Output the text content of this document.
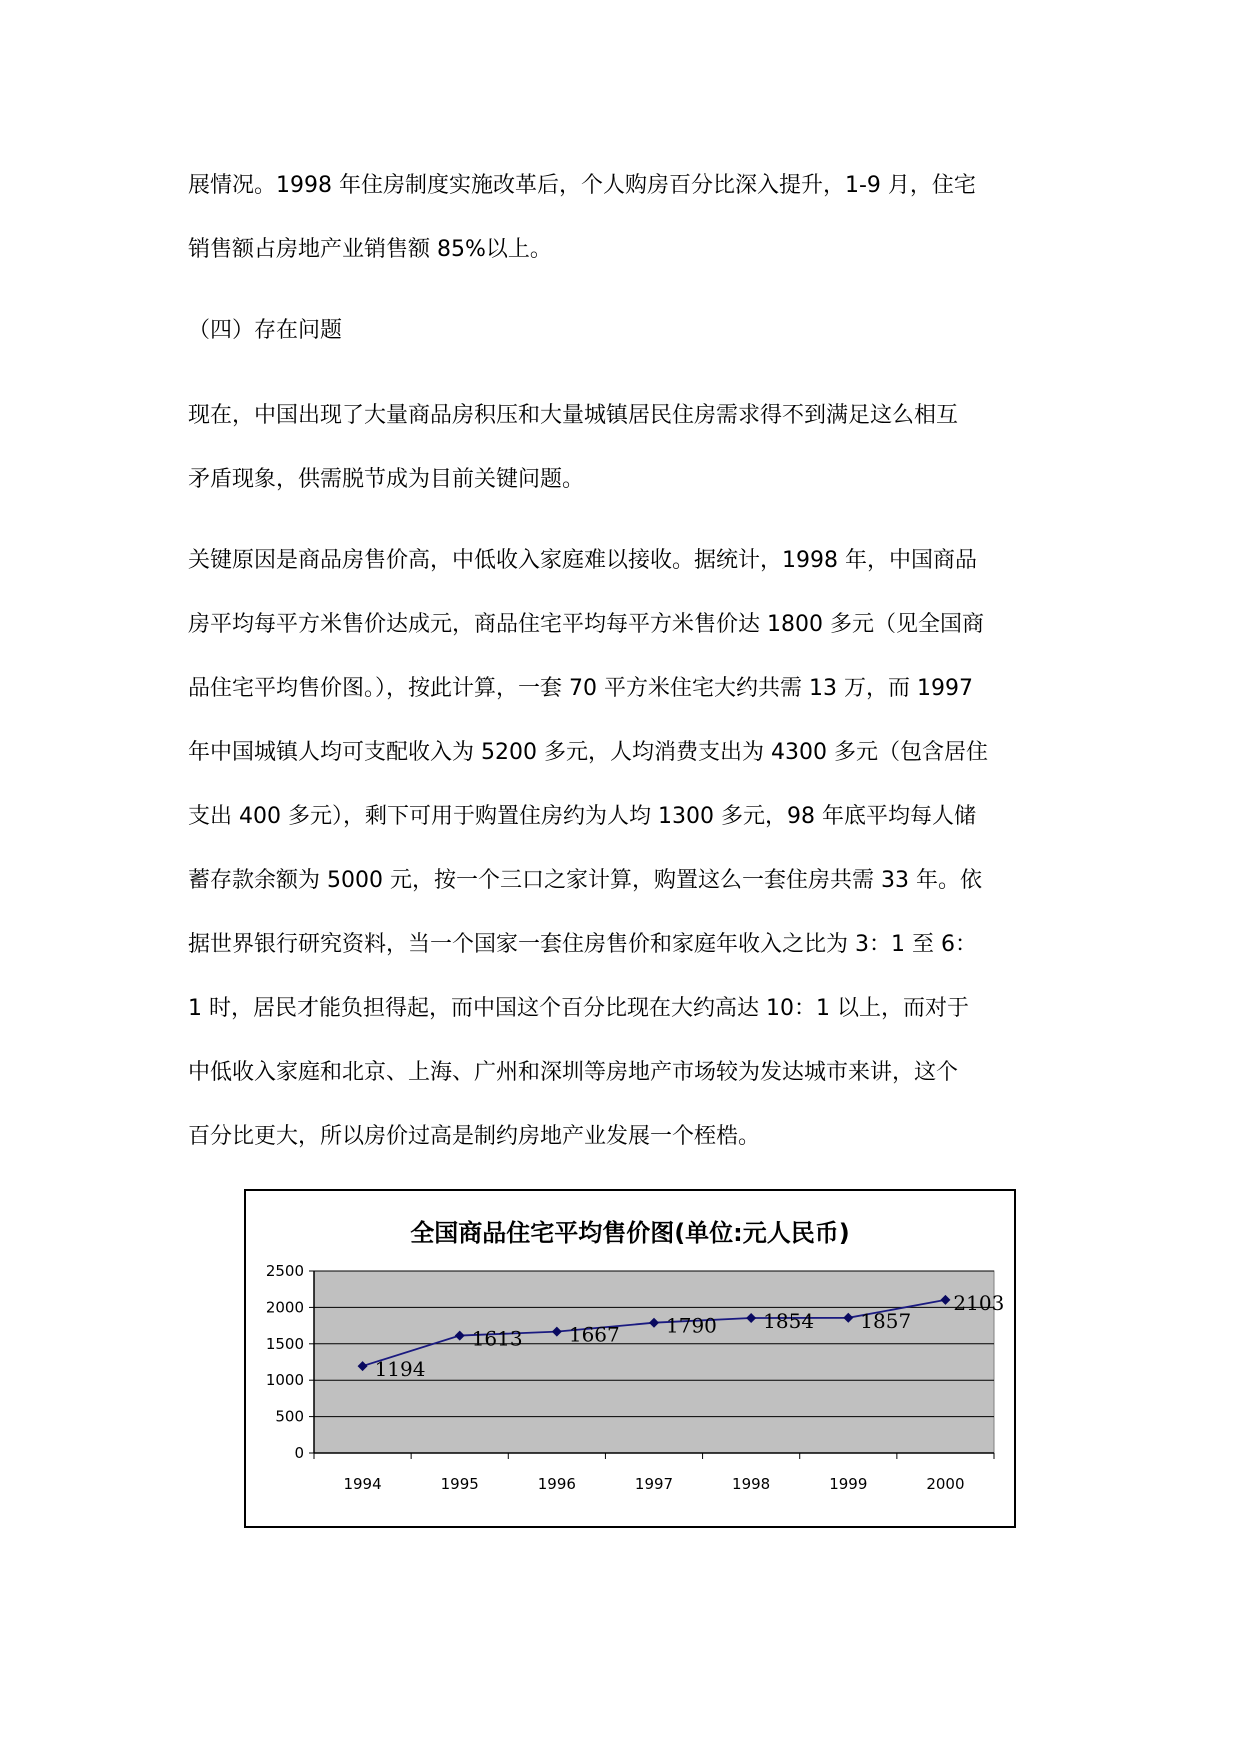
展情况。1998 年住房制度实施改革后，个人购房百分比深入提升，1-9 月，住宅
销售额占房地产业销售额 85%以上。
（四）存在问题
现在，中国出现了大量商品房积压和大量城镇居民住房需求得不到满足这么相互
矛盾现象，供需脱节成为目前关键问题。
关键原因是商品房售价高，中低收入家庭难以接收。据统计，1998 年，中国商品
房平均每平方米售价达成元，商品住宅平均每平方米售价达 1800 多元（见全国商
品住宅平均售价图。），按此计算，一套 70 平方米住宅大约共需 13 万，而 1997
年中国城镇人均可支配收入为 5200 多元，人均消费支出为 4300 多元（包含居住
支出 400 多元），剩下可用于购置住房约为人均 1300 多元，98 年底平均每人储
蓄存款余额为 5000 元，按一个三口之家计算，购置这么一套住房共需 33 年。依
据世界银行研究资料，当一个国家一套住房售价和家庭年收入之比为 3：1 至 6：
1 时，居民才能负担得起，而中国这个百分比现在大约高达 10：1 以上，而对于
中低收入家庭和北京、上海、广州和深圳等房地产市场较为发达城市来讲，这个
百分比更大，所以房价过高是制约房地产业发展一个桎梏。
全国商品住宅平均售价图(单位:元人民币)
0
500
1000
1500
2000
2500
1994	1995	1996	1997	1998	1999	2000
1194
1613 1667 1790 1854 1857
2103
